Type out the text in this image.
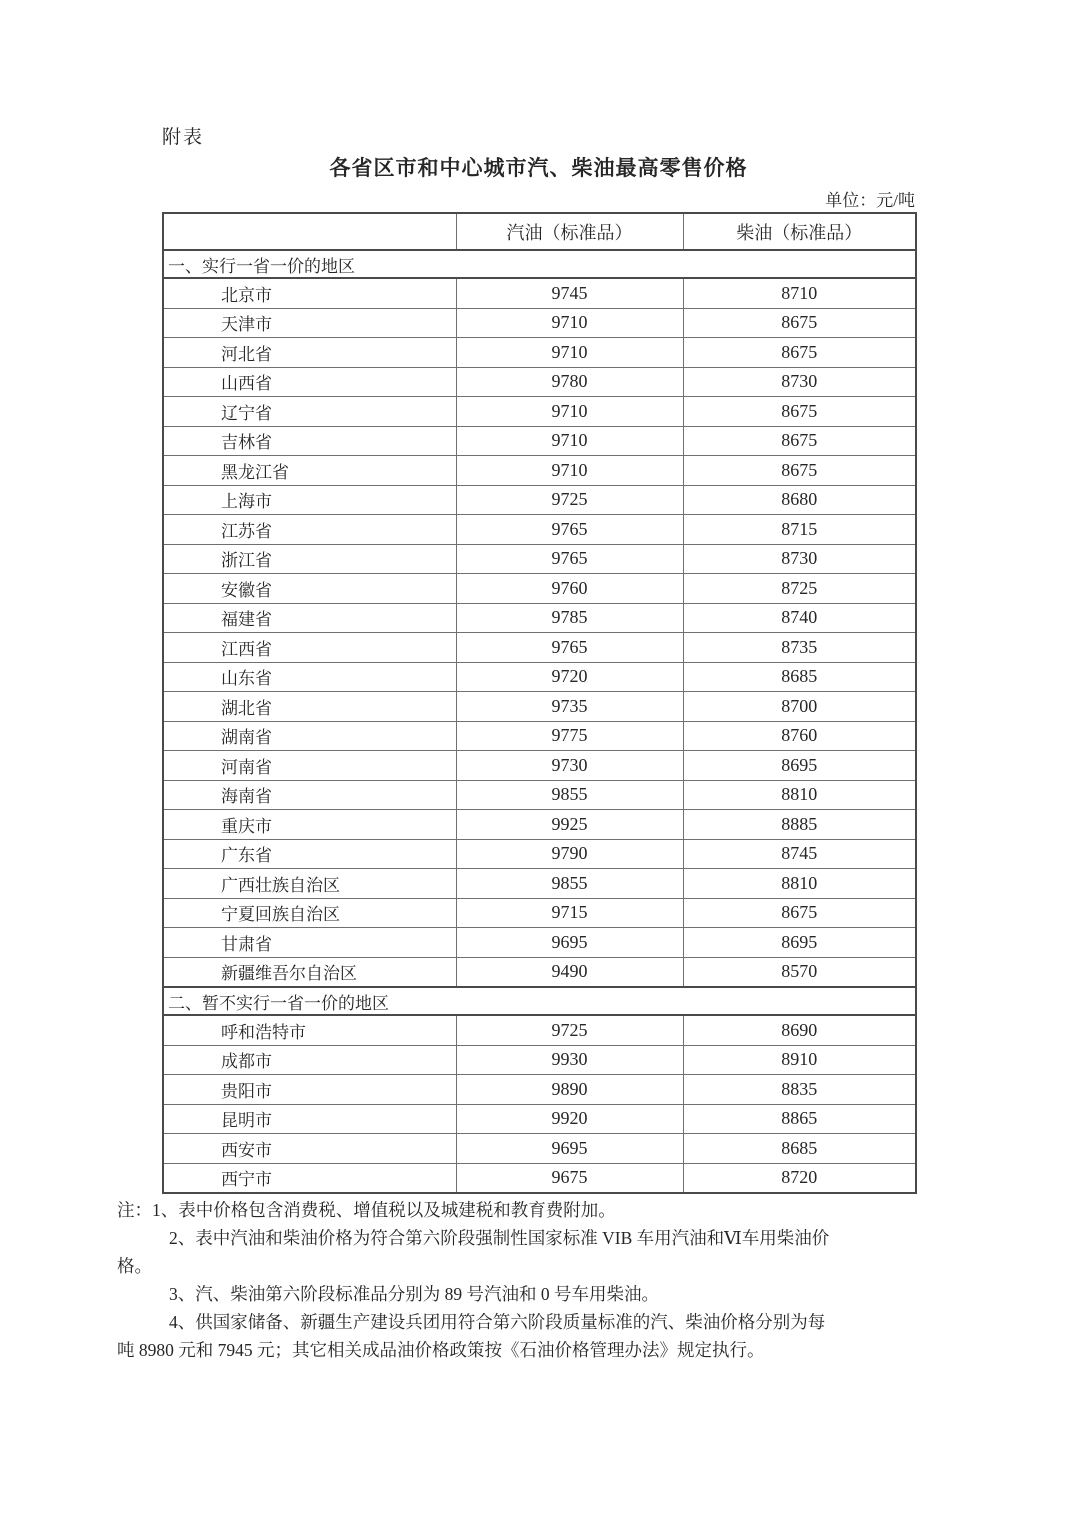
附表
各省区市和中心城市汽、柴油最高零售价格
单位：元/吨
	汽油（标准品）	柴油（标准品）
一、实行一省一价的地区		
北京市	9745	8710
天津市	9710	8675
河北省	9710	8675
山西省	9780	8730
辽宁省	9710	8675
吉林省	9710	8675
黑龙江省	9710	8675
上海市	9725	8680
江苏省	9765	8715
浙江省	9765	8730
安徽省	9760	8725
福建省	9785	8740
江西省	9765	8735
山东省	9720	8685
湖北省	9735	8700
湖南省	9775	8760
河南省	9730	8695
海南省	9855	8810
重庆市	9925	8885
广东省	9790	8745
广西壮族自治区	9855	8810
宁夏回族自治区	9715	8675
甘肃省	9695	8695
新疆维吾尔自治区	9490	8570
二、暂不实行一省一价的地区		
呼和浩特市	9725	8690
成都市	9930	8910
贵阳市	9890	8835
昆明市	9920	8865
西安市	9695	8685
西宁市	9675	8720
注：1、表中价格包含消费税、增值税以及城建税和教育费附加。
2、表中汽油和柴油价格为符合第六阶段强制性国家标准 VIB 车用汽油和Ⅵ车用柴油价
格。
3、汽、柴油第六阶段标准品分别为 89 号汽油和 0 号车用柴油。
4、供国家储备、新疆生产建设兵团用符合第六阶段质量标准的汽、柴油价格分别为每
吨 8980 元和 7945 元；其它相关成品油价格政策按《石油价格管理办法》规定执行。
